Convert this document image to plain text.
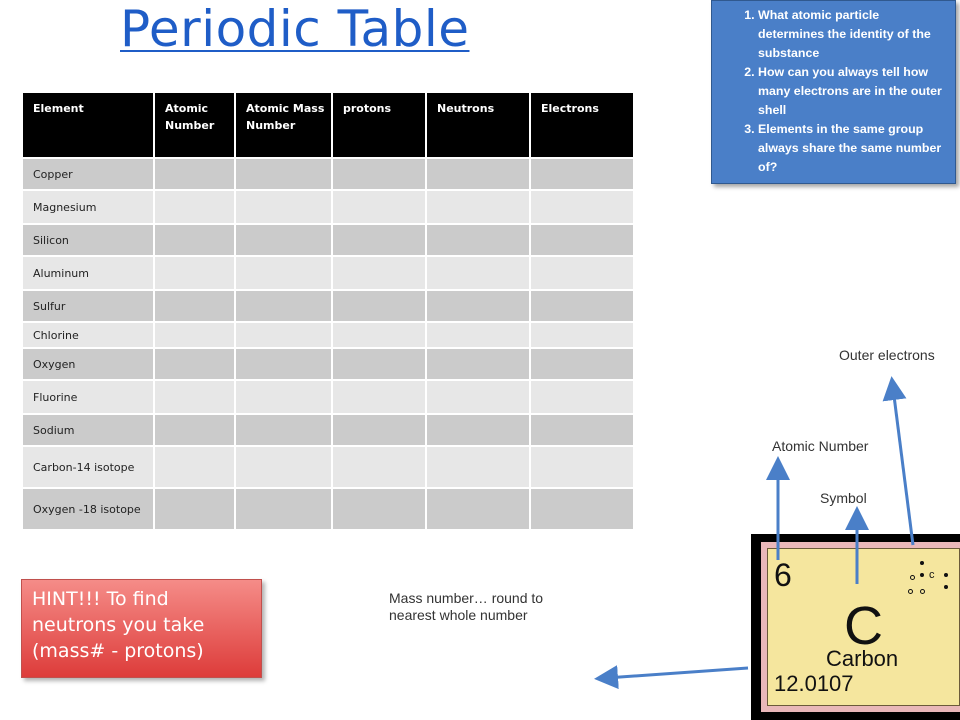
Periodic Table	1. What atomic particle determines the identity of the substance
2. How can you always tell how many electrons are in the outer shell
3. Elements in the same group always share the same number of?
Element	Atomic Number	Atomic Mass Number	protons	Neutrons	Electrons
Copper					
Magnesium					
Silicon					
Aluminum					
Sulfur					
Chlorine					
Oxygen					
Fluorine					
Sodium					
Carbon-14 isotope					
Oxygen -18 isotope					
HINT!!! To find neutrons you take (mass# - protons)
Outer electrons
Atomic Number
Symbol
Mass number… round to nearest whole number
6
C
Carbon
12.0107
c
